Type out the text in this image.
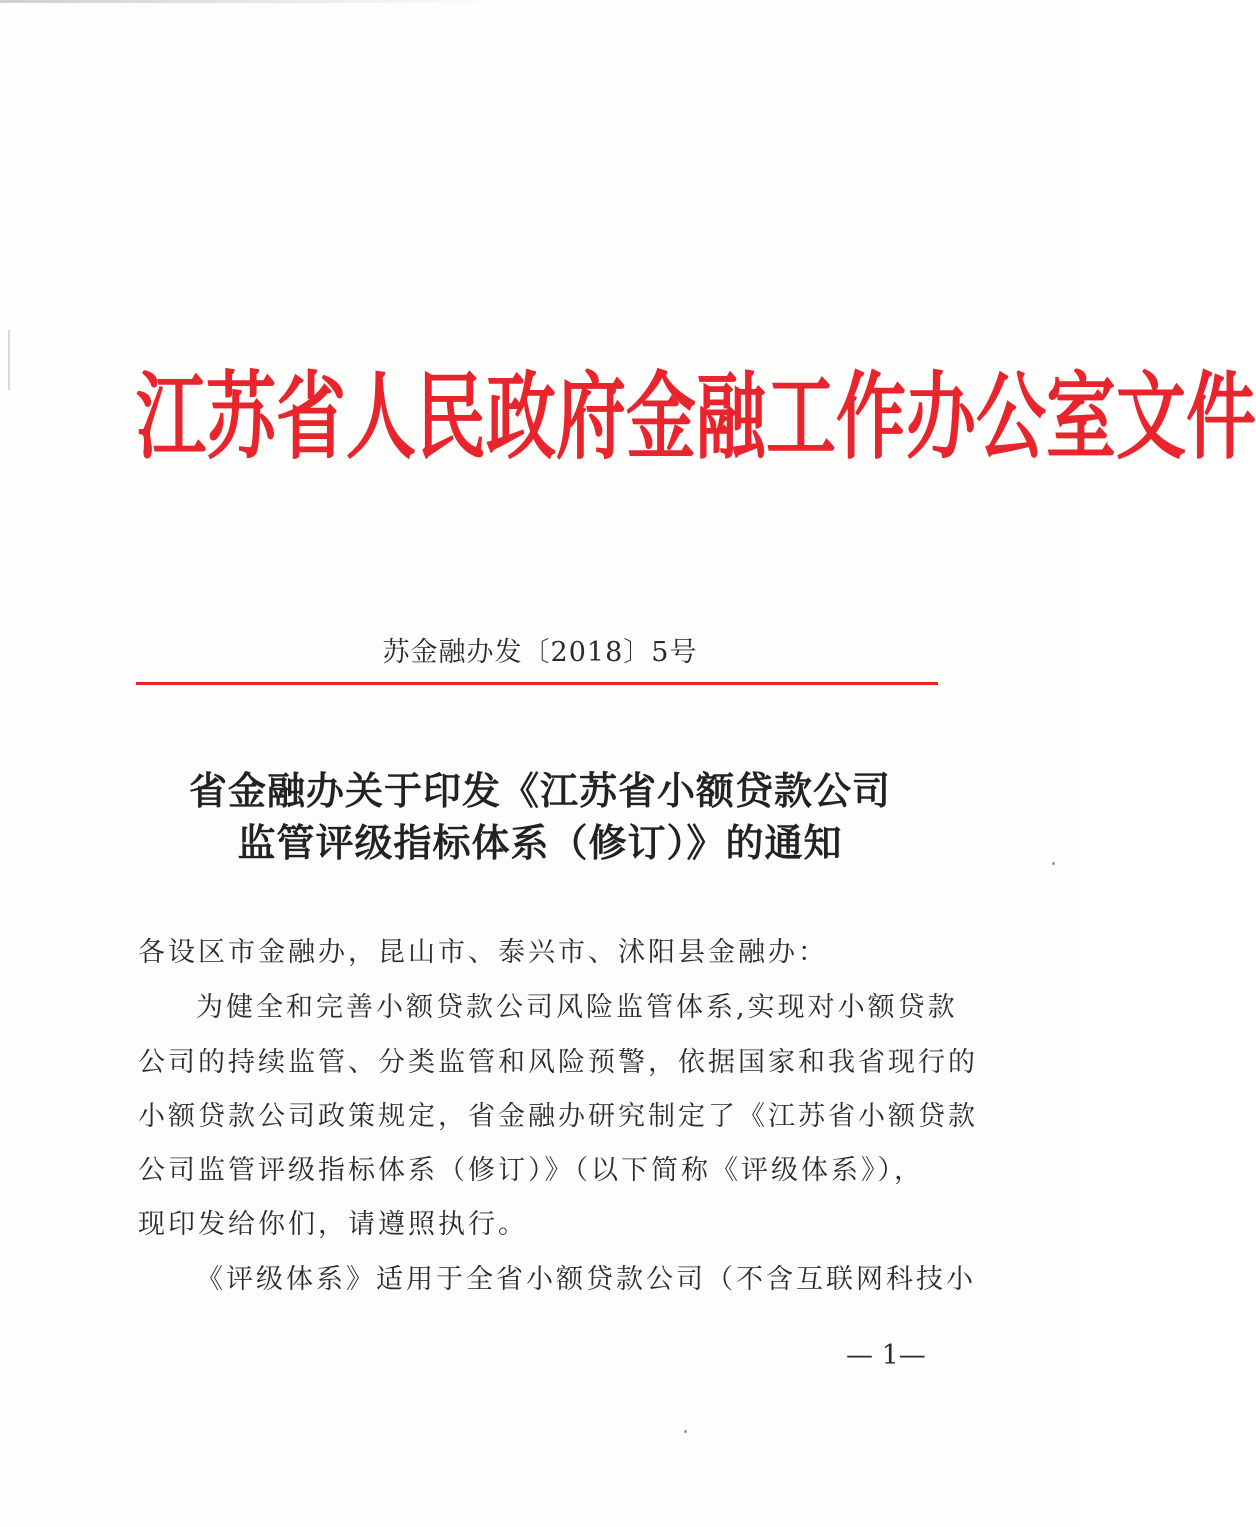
江 苏 省 人 民 政 府 金 融 工 作 办 公 室 文 件
苏金融办发〔2018〕5号
省金融办关于印发《江苏省小额贷款公司
监管评级指标体系（修订）》的通知
各设区市金融办，昆山市、泰兴市、沭阳县金融办：
为健全和完善小额贷款公司风险监管体系,实现对小额贷款
公司的持续监管、分类监管和风险预警，依据国家和我省现行的
小额贷款公司政策规定，省金融办研究制定了《江苏省小额贷款
公司监管评级指标体系（修订）》（以下简称《评级体系》），
现印发给你们，请遵照执行。
《评级体系》适用于全省小额贷款公司（不含互联网科技小
— 1—
